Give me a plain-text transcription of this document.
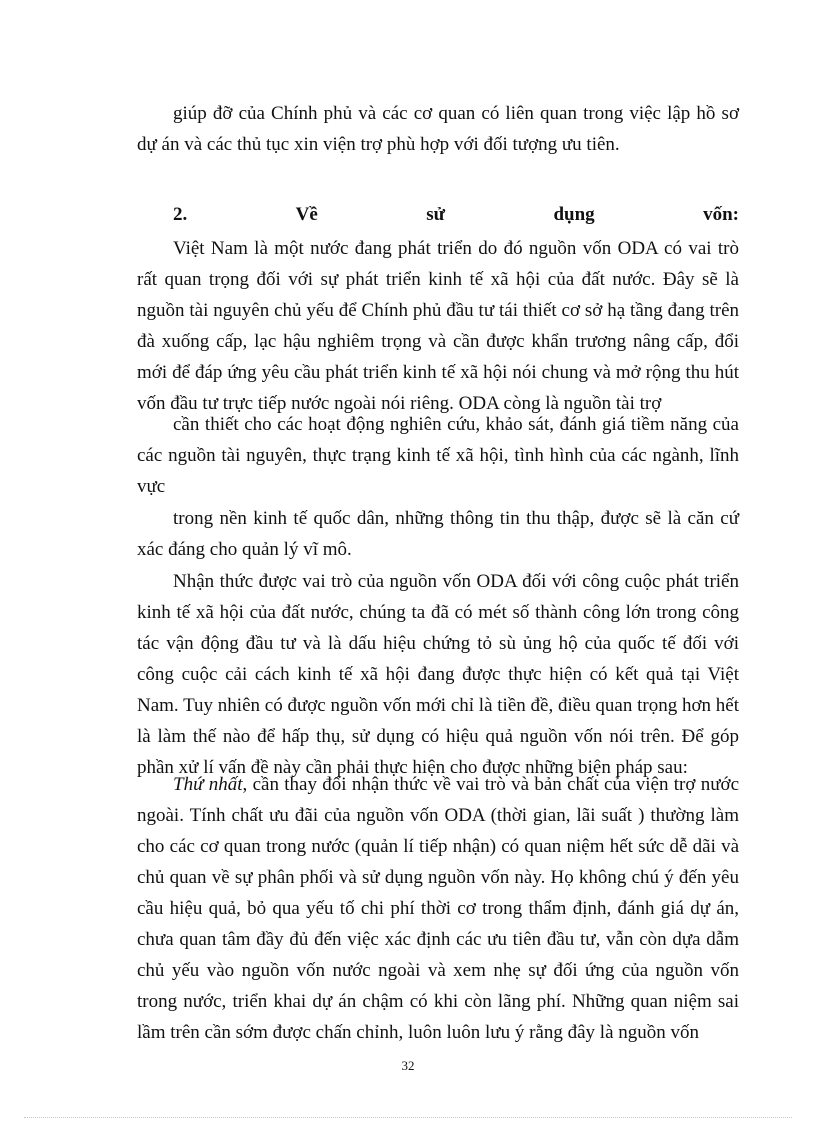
giúp đỡ của Chính phủ và các cơ quan có liên quan trong việc lập hồ sơ dự án và các thủ tục xin viện trợ phù hợp với đối tượng ưu tiên.

2.	Về	sử	dụng	vốn:

Việt Nam là một nước đang phát triển do đó nguồn vốn ODA có vai trò rất quan trọng đối với sự phát triển kinh tế xã hội của đất nước. Đây sẽ là nguồn tài nguyên chủ yếu để Chính phủ đầu tư tái thiết cơ sở hạ tầng đang trên đà xuống cấp, lạc hậu nghiêm trọng và cần được khẩn trương nâng cấp, đổi mới để đáp ứng yêu cầu phát triển kinh tế xã hội nói chung và mở rộng thu hút vốn đầu tư trực tiếp nước ngoài nói riêng. ODA còng là nguồn tài trợ

cần thiết cho các hoạt động nghiên cứu, khảo sát, đánh giá tiềm năng của các nguồn tài nguyên, thực trạng kinh tế xã hội, tình hình của các ngành, lĩnh vực

trong nền kinh tế quốc dân, những thông tin thu thập, được sẽ là căn cứ xác đáng cho quản lý vĩ mô.

Nhận thức được vai trò của nguồn vốn ODA đối với công cuộc phát triển kinh tế xã hội của đất nước, chúng ta đã có mét số thành công lớn trong công tác vận động đầu tư và là dấu hiệu chứng tỏ sù ủng hộ của quốc tế đối với công cuộc cải cách kinh tế xã hội đang được thực hiện có kết quả tại Việt Nam. Tuy nhiên có được nguồn vốn mới chỉ là tiền đề, điều quan trọng hơn hết là làm thế nào để hấp thụ, sử dụng có hiệu quả nguồn vốn nói trên. Để góp phần xử lí vấn đề này cần phải thực hiện cho được những biện pháp sau:

Thứ nhất, cần thay đổi nhận thức về vai trò và bản chất của viện trợ nước ngoài. Tính chất ưu đãi của nguồn vốn ODA (thời gian, lãi suất ) thường làm cho các cơ quan trong nước (quản lí tiếp nhận) có quan niệm hết sức dễ dãi và chủ quan về sự phân phối và sử dụng nguồn vốn này. Họ không chú ý đến yêu cầu hiệu quả, bỏ qua yếu tố chi phí thời cơ trong thẩm định, đánh giá dự án, chưa quan tâm đầy đủ đến việc xác định các ưu tiên đầu tư, vẫn còn dựa dẫm chủ yếu vào nguồn vốn nước ngoài và xem nhẹ sự đối ứng của nguồn vốn trong nước, triển khai dự án chậm có khi còn lãng phí. Những quan niệm sai lầm trên cần sớm được chấn chỉnh, luôn luôn lưu ý rằng đây là nguồn vốn

32
